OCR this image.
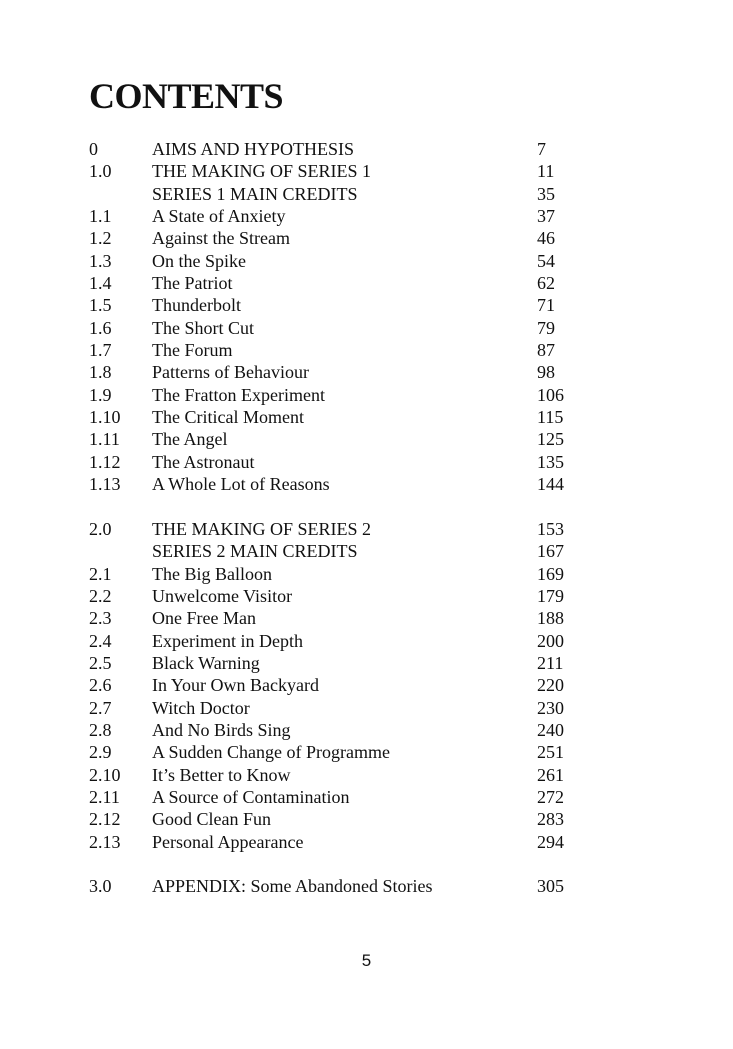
CONTENTS
0	AIMS AND HYPOTHESIS	7
1.0 THE MAKING OF SERIES 1	11
SERIES 1 MAIN CREDITS	35
1.1 A State of Anxiety	37
1.2 Against the Stream	46
1.3 On the Spike	54
1.4 The Patriot	62
1.5 Thunderbolt	71
1.6 The Short Cut	79
1.7 The Forum	87
1.8 Patterns of Behaviour	98
1.9 The Fratton Experiment	106
1.10 The Critical Moment	115
1.11 The Angel	125
1.12 The Astronaut	135
1.13 A Whole Lot of Reasons	144
2.0 THE MAKING OF SERIES 2	153
SERIES 2 MAIN CREDITS	167
2.1 The Big Balloon	169
2.2 Unwelcome Visitor	179
2.3 One Free Man	188
2.4 Experiment in Depth	200
2.5 Black Warning	211
2.6 In Your Own Backyard	220
2.7 Witch Doctor	230
2.8 And No Birds Sing	240
2.9 A Sudden Change of Programme	251
2.10 It’s Better to Know	261
2.11 A Source of Contamination	272
2.12 Good Clean Fun	283
2.13 Personal Appearance	294
3.0 APPENDIX: Some Abandoned Stories	305
5
